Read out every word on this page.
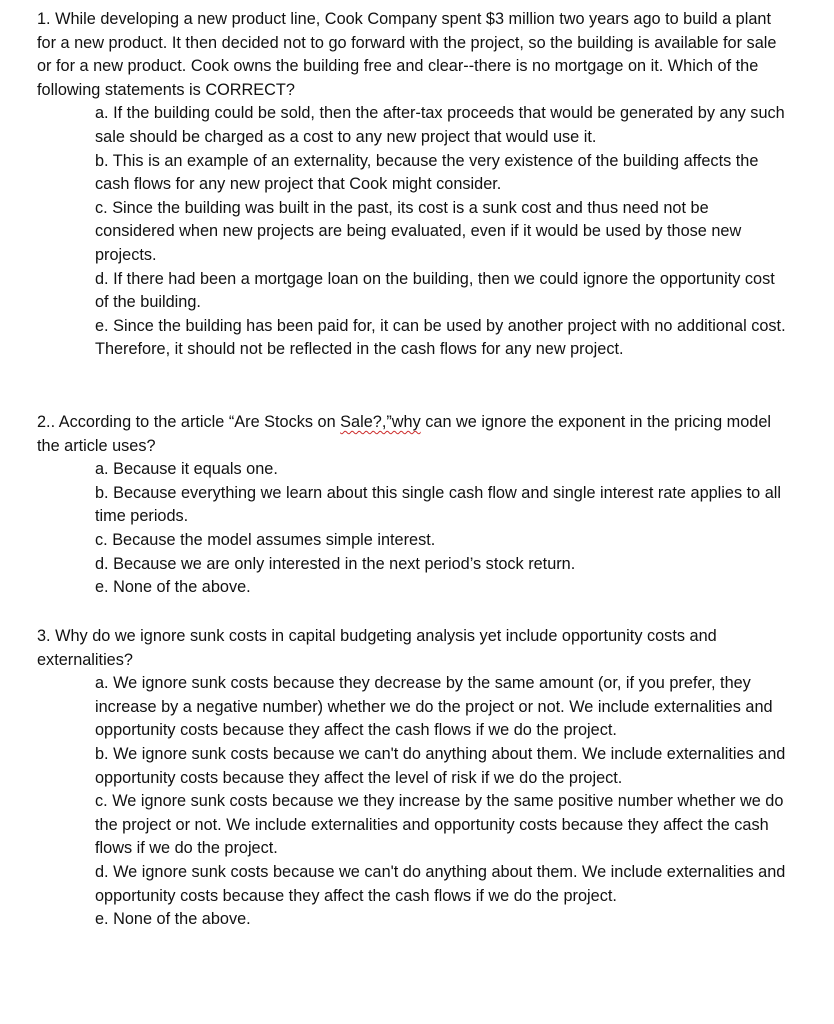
1. While developing a new product line, Cook Company spent $3 million two years ago to build a plant for a new product. It then decided not to go forward with the project, so the building is available for sale or for a new product. Cook owns the building free and clear--there is no mortgage on it. Which of the following statements is CORRECT?

a. If the building could be sold, then the after-tax proceeds that would be generated by any such sale should be charged as a cost to any new project that would use it.
b. This is an example of an externality, because the very existence of the building affects the cash flows for any new project that Cook might consider.
c. Since the building was built in the past, its cost is a sunk cost and thus need not be considered when new projects are being evaluated, even if it would be used by those new projects.
d. If there had been a mortgage loan on the building, then we could ignore the opportunity cost of the building.
e. Since the building has been paid for, it can be used by another project with no additional cost. Therefore, it should not be reflected in the cash flows for any new project.

2.. According to the article “Are Stocks on Sale?,”why can we ignore the exponent in the pricing model the article uses?

a. Because it equals one.
b. Because everything we learn about this single cash flow and single interest rate applies to all time periods.
c. Because the model assumes simple interest.
d. Because we are only interested in the next period’s stock return.
e. None of the above.

3. Why do we ignore sunk costs in capital budgeting analysis yet include opportunity costs and externalities?

a. We ignore sunk costs because they decrease by the same amount (or, if you prefer, they increase by a negative number) whether we do the project or not. We include externalities and opportunity costs because they affect the cash flows if we do the project.
b. We ignore sunk costs because we can't do anything about them. We include externalities and opportunity costs because they affect the level of risk if we do the project.
c. We ignore sunk costs because we they increase by the same positive number whether we do the project or not. We include externalities and opportunity costs because they affect the cash flows if we do the project.
d. We ignore sunk costs because we can't do anything about them. We include externalities and opportunity costs because they affect the cash flows if we do the project.
e. None of the above.
